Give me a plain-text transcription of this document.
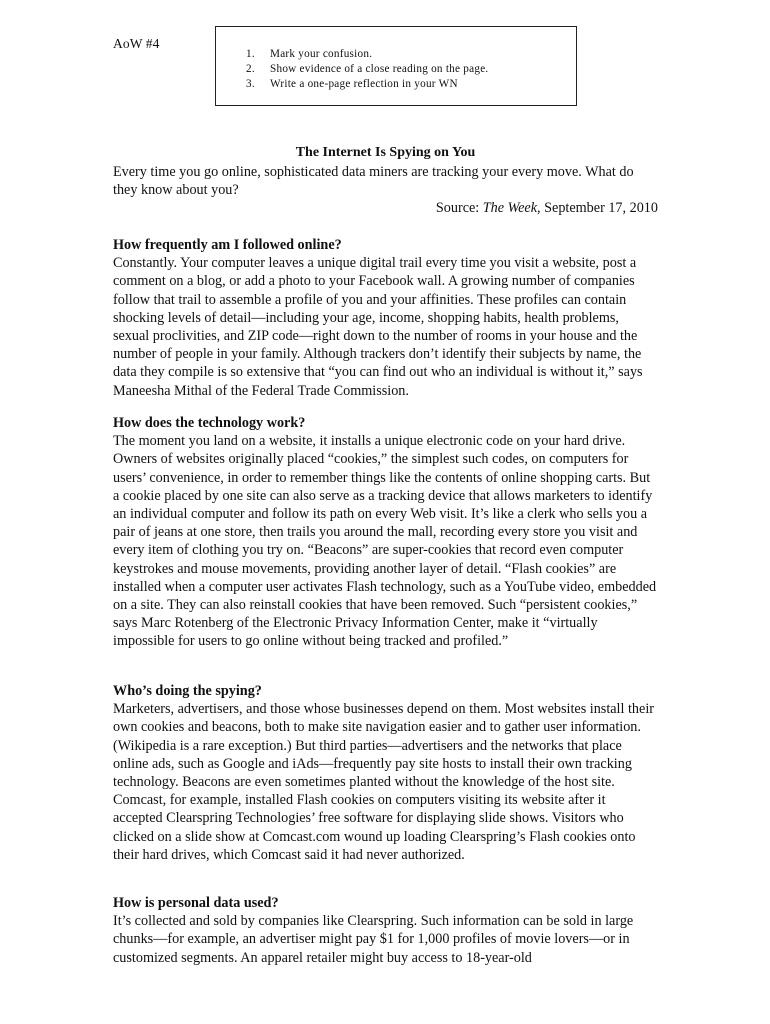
AoW #4
1.	Mark your confusion.
2.	Show evidence of a close reading on the page.
3.	Write a one-page reflection in your WN
The Internet Is Spying on You

Every time you go online, sophisticated data miners are tracking your every move. What do they know about you?

Source: The Week, September 17, 2010

How frequently am I followed online?

Constantly. Your computer leaves a unique digital trail every time you visit a website, post a comment on a blog, or add a photo to your Facebook wall. A growing number of companies follow that trail to assemble a profile of you and your affinities. These profiles can contain shocking levels of detail—including your age, income, shopping habits, health problems, sexual proclivities, and ZIP code—right down to the number of rooms in your house and the number of people in your family. Although trackers don’t identify their subjects by name, the data they compile is so extensive that “you can find out who an individual is without it,” says Maneesha Mithal of the Federal Trade Commission.

How does the technology work?

The moment you land on a website, it installs a unique electronic code on your hard drive. Owners of websites originally placed “cookies,” the simplest such codes, on computers for users’ convenience, in order to remember things like the contents of online shopping carts. But a cookie placed by one site can also serve as a tracking device that allows marketers to identify an individual computer and follow its path on every Web visit. It’s like a clerk who sells you a pair of jeans at one store, then trails you around the mall, recording every store you visit and every item of clothing you try on. “Beacons” are super-cookies that record even computer keystrokes and mouse movements, providing another layer of detail. “Flash cookies” are installed when a computer user activates Flash technology, such as a YouTube video, embedded on a site. They can also reinstall cookies that have been removed. Such “persistent cookies,” says Marc Rotenberg of the Electronic Privacy Information Center, make it “virtually impossible for users to go online without being tracked and profiled.”

Who’s doing the spying?

Marketers, advertisers, and those whose businesses depend on them. Most websites install their own cookies and beacons, both to make site navigation easier and to gather user information. (Wikipedia is a rare exception.) But third parties—advertisers and the networks that place online ads, such as Google and iAds—frequently pay site hosts to install their own tracking technology. Beacons are even sometimes planted without the knowledge of the host site. Comcast, for example, installed Flash cookies on computers visiting its website after it accepted Clearspring Technologies’ free software for displaying slide shows. Visitors who clicked on a slide show at Comcast.com wound up loading Clearspring’s Flash cookies onto their hard drives, which Comcast said it had never authorized.

How is personal data used?

It’s collected and sold by companies like Clearspring. Such information can be sold in large chunks—for example, an advertiser might pay $1 for 1,000 profiles of movie lovers—or in customized segments. An apparel retailer might buy access to 18-year-old
